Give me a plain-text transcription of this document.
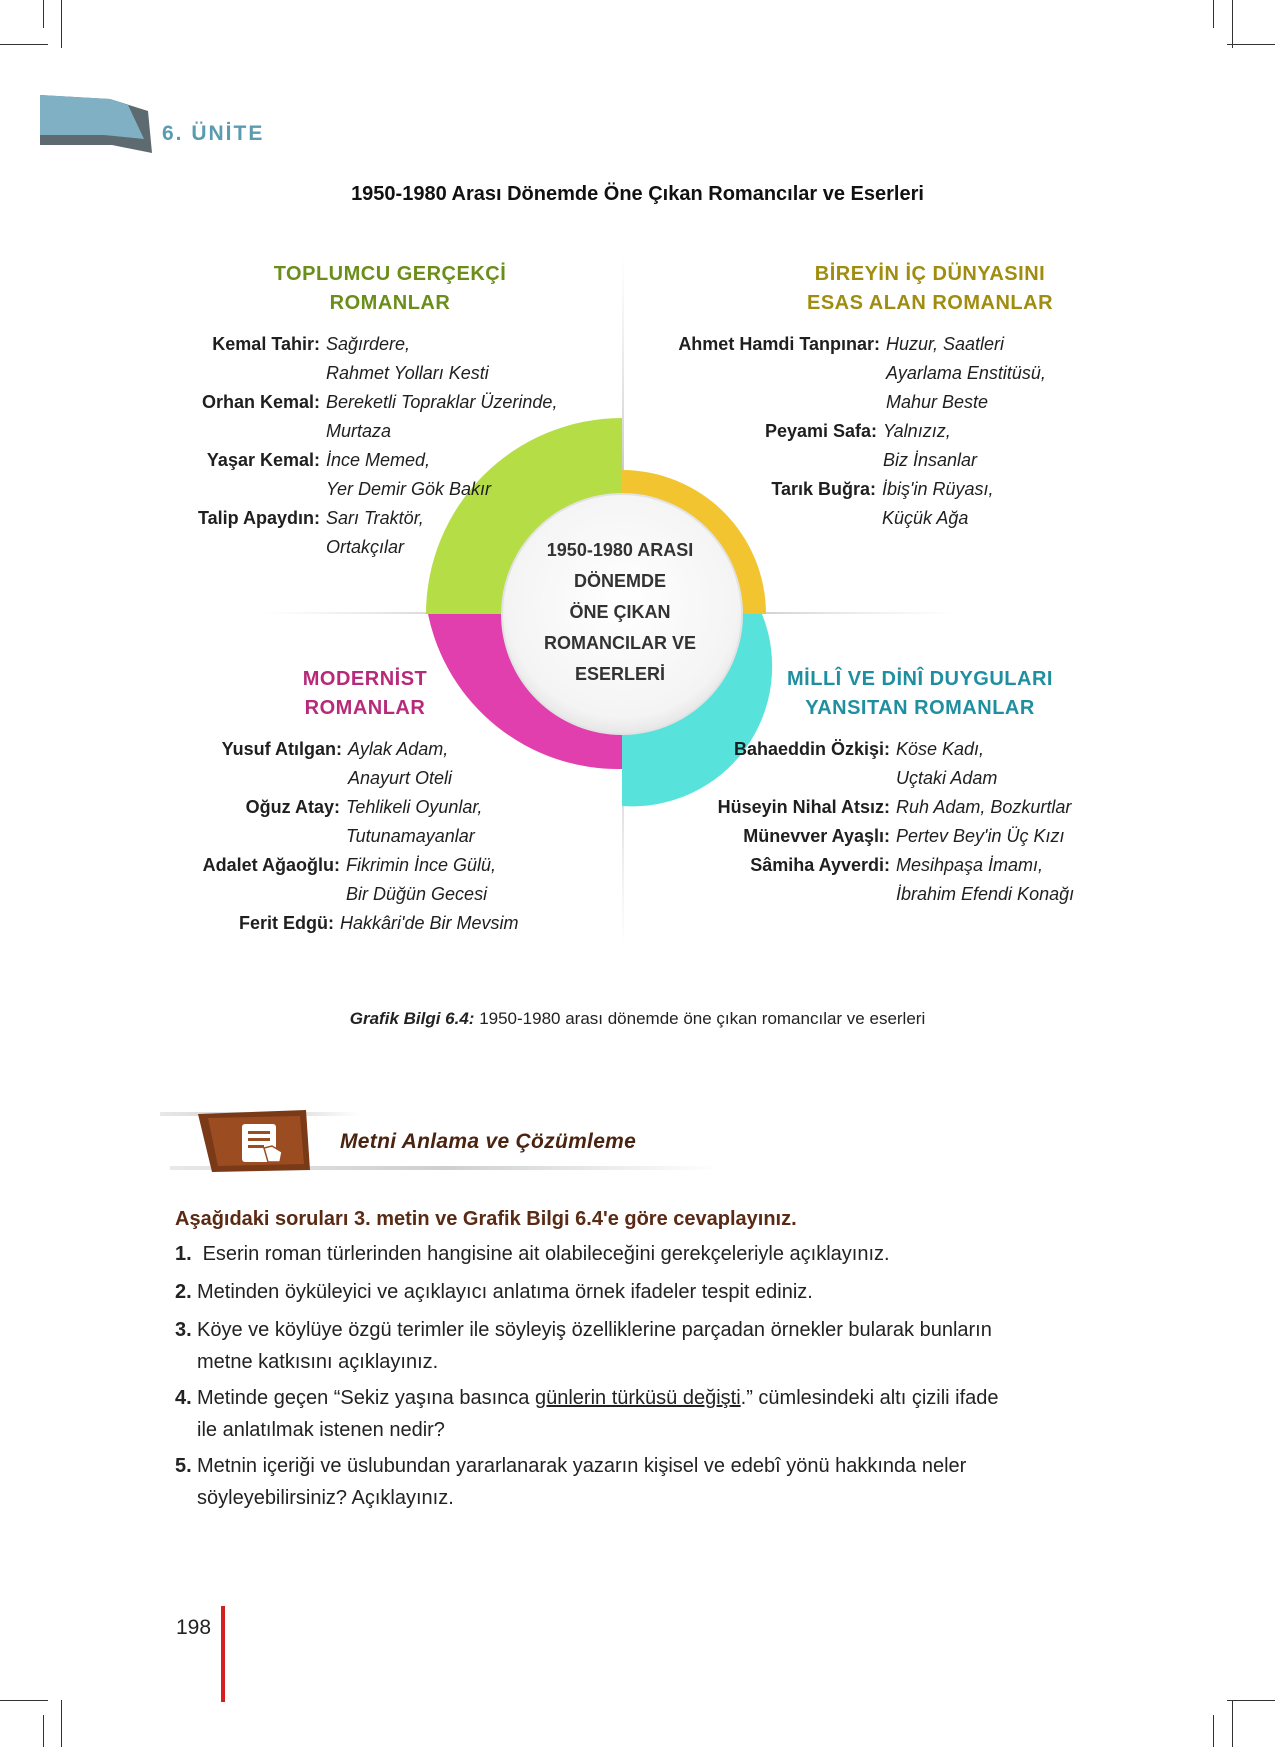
6. ÜNİTE
1950-1980 Arası Dönemde Öne Çıkan Romancılar ve Eserleri
1950-1980 ARASI
DÖNEMDE
ÖNE ÇIKAN
ROMANCILAR VE
ESERLERİ
TOPLUMCU GERÇEKÇİ
ROMANLAR
Kemal Tahir: Sağırdere,
Rahmet Yolları Kesti
Orhan Kemal: Bereketli Topraklar Üzerinde,
Murtaza
Yaşar Kemal: İnce Memed,
Yer Demir Gök Bakır
Talip Apaydın: Sarı Traktör,
Ortakçılar
BİREYİN İÇ DÜNYASINI
ESAS ALAN ROMANLAR
Ahmet Hamdi Tanpınar: Huzur, Saatleri
Ayarlama Enstitüsü,
Mahur Beste
Peyami Safa: Yalnızız,
Biz İnsanlar
Tarık Buğra: İbiş'in Rüyası,
Küçük Ağa
MODERNİST
ROMANLAR
Yusuf Atılgan: Aylak Adam,
Anayurt Oteli
Oğuz Atay: Tehlikeli Oyunlar,
Tutunamayanlar
Adalet Ağaoğlu: Fikrimin İnce Gülü,
Bir Düğün Gecesi
Ferit Edgü: Hakkâri'de Bir Mevsim
MİLLÎ VE DİNÎ DUYGULARI
YANSITAN ROMANLAR
Bahaeddin Özkişi: Köse Kadı,
Uçtaki Adam
Hüseyin Nihal Atsız: Ruh Adam, Bozkurtlar
Münevver Ayaşlı: Pertev Bey'in Üç Kızı
Sâmiha Ayverdi: Mesihpaşa İmamı,
İbrahim Efendi Konağı
Grafik Bilgi 6.4: 1950-1980 arası dönemde öne çıkan romancılar ve eserleri
Metni Anlama ve Çözümleme
Aşağıdaki soruları 3. metin ve Grafik Bilgi 6.4'e göre cevaplayınız.
1. Eserin roman türlerinden hangisine ait olabileceğini gerekçeleriyle açıklayınız.
2. Metinden öyküleyici ve açıklayıcı anlatıma örnek ifadeler tespit ediniz.
3. Köye ve köylüye özgü terimler ile söyleyiş özelliklerine parçadan örnekler bularak bunların
metne katkısını açıklayınız.
4. Metinde geçen “Sekiz yaşına basınca günlerin türküsü değişti.” cümlesindeki altı çizili ifade
ile anlatılmak istenen nedir?
5. Metnin içeriği ve üslubundan yararlanarak yazarın kişisel ve edebî yönü hakkında neler
söyleyebilirsiniz? Açıklayınız.
198
